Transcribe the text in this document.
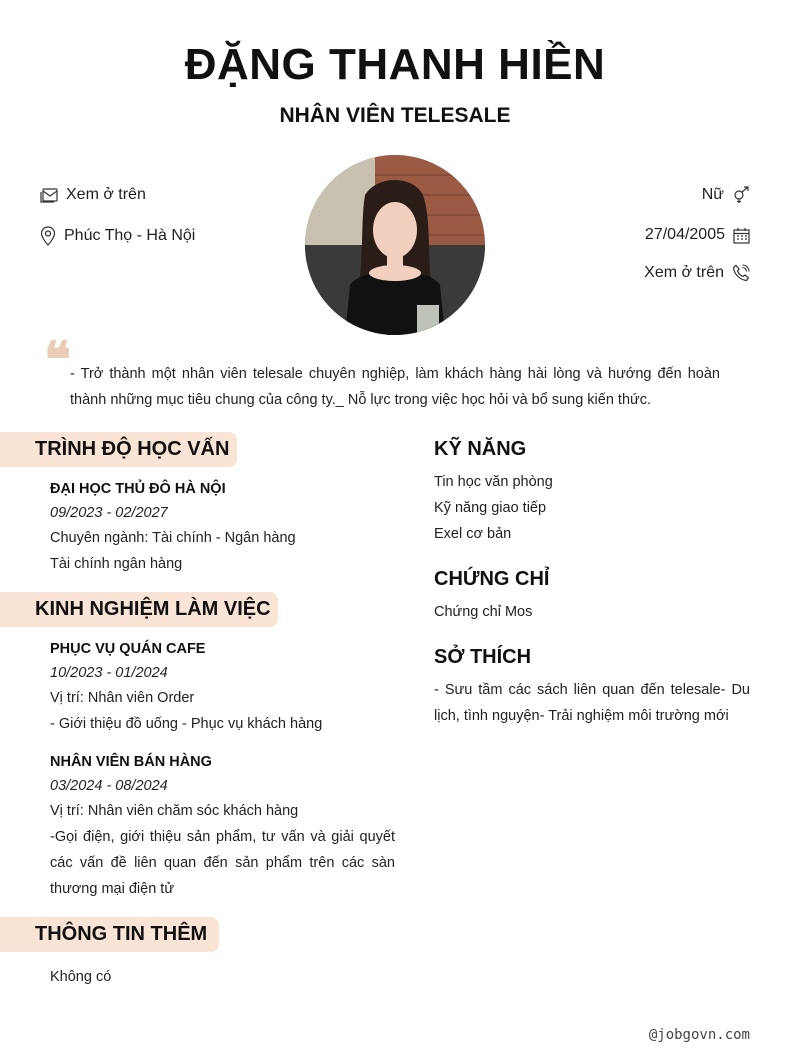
ĐẶNG THANH HIỀN
NHÂN VIÊN TELESALE
Xem ở trên
Phúc Thọ - Hà Nội
Nữ
27/04/2005
Xem ở trên
❝ - Trở thành một nhân viên telesale chuyên nghiệp, làm khách hàng hài lòng và hướng đến hoàn thành những mục tiêu chung của công ty._ Nỗ lực trong việc học hỏi và bổ sung kiến thức.
TRÌNH ĐỘ HỌC VẤN
ĐẠI HỌC THỦ ĐÔ HÀ NỘI
09/2023 - 02/2027
Chuyên ngành: Tài chính - Ngân hàng
Tài chính ngân hàng
KINH NGHIỆM LÀM VIỆC
PHỤC VỤ QUÁN CAFE
10/2023 - 01/2024
Vị trí: Nhân viên Order
- Giới thiệu đồ uống - Phục vụ khách hàng
NHÂN VIÊN BÁN HÀNG
03/2024 - 08/2024
Vị trí: Nhân viên chăm sóc khách hàng
-Gọi điện, giới thiệu sản phẩm, tư vấn và giải quyết các vấn đề liên quan đến sản phẩm trên các sàn thương mại điện tử
THÔNG TIN THÊM
Không có
KỸ NĂNG
Tin học văn phòng
Kỹ năng giao tiếp
Exel cơ bản
CHỨNG CHỈ
Chứng chỉ Mos
SỞ THÍCH
- Sưu tầm các sách liên quan đến telesale- Du lịch, tình nguyện- Trải nghiệm môi trường mới
@jobgovn.com
